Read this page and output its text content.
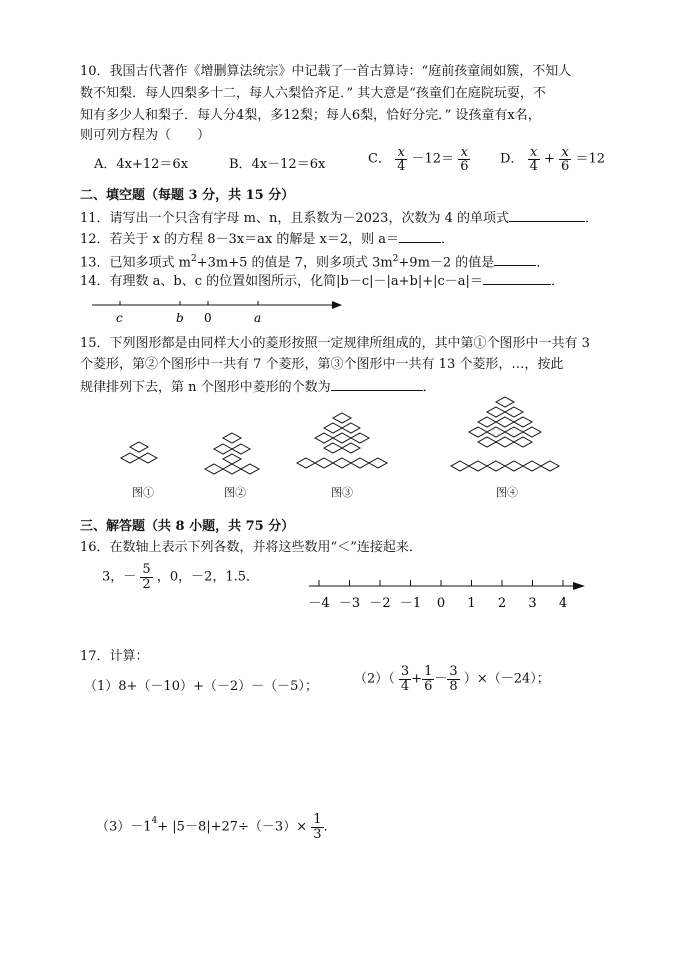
10．我国古代著作《增删算法统宗》中记载了一首古算诗：“庭前孩童闹如簇，不知人
数不知梨．每人四梨多十二，每人六梨恰齐足．” 其大意是“孩童们在庭院玩耍，不
知有多少人和梨子．每人分4梨，多12梨；每人6梨，恰好分完．” 设孩童有x名，
则可列方程为（　　）
A．4x+12＝6x	B．4x－12＝6x	C． $\frac{x}{4} -12= \frac{x}{6}$ D． $\frac{x}{4} + \frac{x}{6} =12$
二、填空题（每题 3 分，共 15 分）
11．请写出一个只含有字母 m、n，且系数为－2023，次数为 4 的单项式	．
12．若关于 x 的方程 8－3x＝ax 的解是 x＝2，则 a＝	．
13．已知多项式 $m^2+3m+5$ 的值是 7，则多项式 $3m^2+9m-2$ 的值是	．
14．有理数 a、b、c 的位置如图所示，化简|b－c|－|a+b|+|c－a|＝	．
c	b 0	a
15．下列图形都是由同样大小的菱形按照一定规律所组成的，其中第①个图形中一共有 3
个菱形，第②个图形中一共有 7 个菱形，第③个图形中一共有 13 个菱形，…，按此
规律排列下去，第 n 个图形中菱形的个数为	．
图①	图②	图③	图④
三、解答题（共 8 小题，共 75 分）
16．在数轴上表示下列各数，并将这些数用“＜”连接起来．
3，－ $\frac{5}{2}$ ，0，－2，1.5．
－4 －3 －2 －1 0 1 2 3 4
17．计算：
（1）8+（－10）+（－2）－（－5）；	$(2)( \frac{3}{4} + \frac{1}{6} - \frac{3}{8} )\times(-24)$；
$(3)-1^4+ |5-8|+27\div(-3)\times \frac{1}{3}$ ．
